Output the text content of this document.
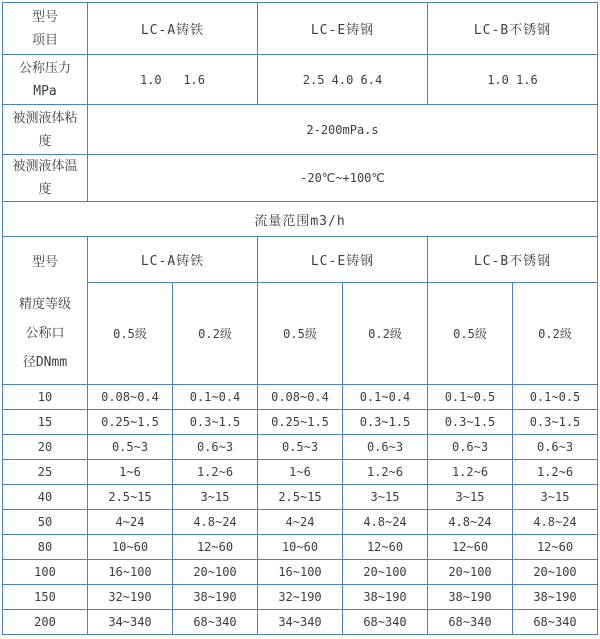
型号
项目	LC-A铸铁		LC-E铸钢		LC-B不锈钢	

公称压力
MPa	1.0   1.6		2.5 4.0 6.4		1.0 1.6	

被测液体粘
度	2-200mPa.s					

被测液体温
度	-20℃~+100℃					
流量范围m3/h						

型号
精度等级
公称口
径DNmm	LC-A铸铁		LC-E铸钢		LC-B不锈钢	
	0.5级	0.2级	0.5级	0.2级	0.5级	0.2级
10	0.08~0.4	0.1~0.4	0.08~0.4	0.1~0.4	0.1~0.5	0.1~0.5
15	0.25~1.5	0.3~1.5	0.25~1.5	0.3~1.5	0.3~1.5	0.3~1.5
20	0.5~3	0.6~3	0.5~3	0.6~3	0.6~3	0.6~3
25	1~6	1.2~6	1~6	1.2~6	1.2~6	1.2~6
40	2.5~15	3~15	2.5~15	3~15	3~15	3~15
50	4~24	4.8~24	4~24	4.8~24	4.8~24	4.8~24
80	10~60	12~60	10~60	12~60	12~60	12~60
100	16~100	20~100	16~100	20~100	20~100	20~100
150	32~190	38~190	32~190	38~190	38~190	38~190
200	34~340	68~340	34~340	68~340	68~340	68~340
